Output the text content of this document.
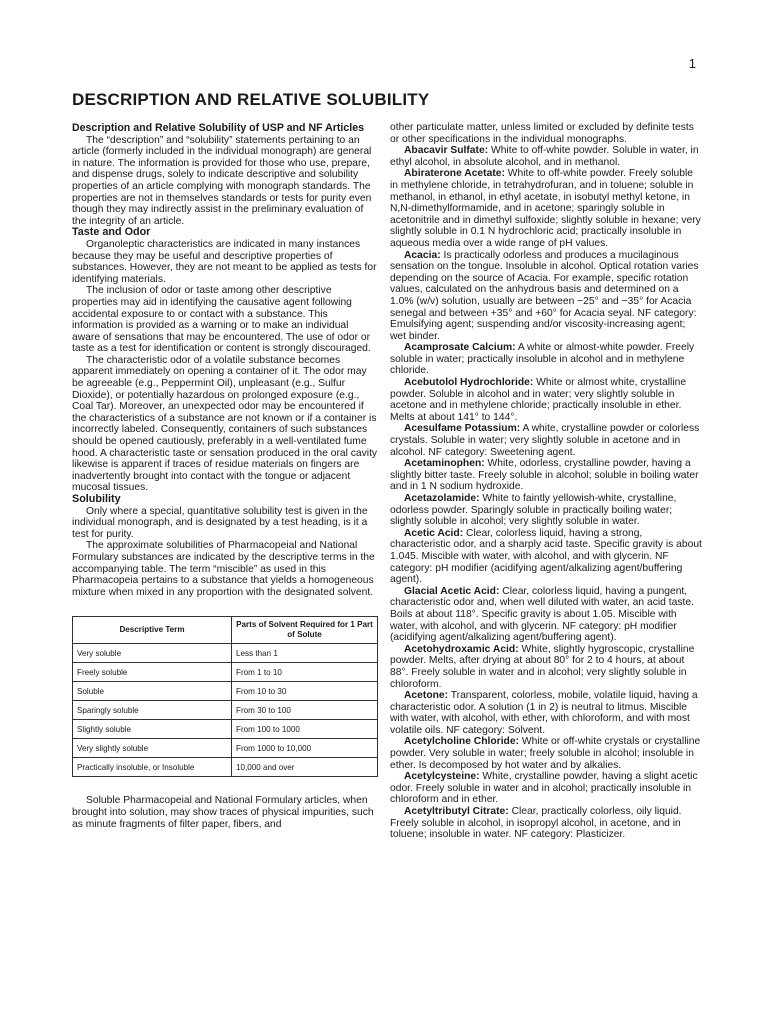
1
DESCRIPTION AND RELATIVE SOLUBILITY

Description and Relative Solubility of USP and NF Articles

The “description” and “solubility” statements pertaining to an article (formerly included in the individual monograph) are general in nature. The information is provided for those who use, prepare, and dispense drugs, solely to indicate descriptive and solubility properties of an article complying with monograph standards. The properties are not in themselves standards or tests for purity even though they may indirectly assist in the preliminary evaluation of the integrity of an article.

Taste and Odor

Organoleptic characteristics are indicated in many instances because they may be useful and descriptive properties of substances. However, they are not meant to be applied as tests for identifying materials.

The inclusion of odor or taste among other descriptive properties may aid in identifying the causative agent following accidental exposure to or contact with a substance. This information is provided as a warning or to make an individual aware of sensations that may be encountered. The use of odor or taste as a test for identification or content is strongly discouraged.

The characteristic odor of a volatile substance becomes apparent immediately on opening a container of it. The odor may be agreeable (e.g., Peppermint Oil), unpleasant (e.g., Sulfur Dioxide), or potentially hazardous on prolonged exposure (e.g., Coal Tar). Moreover, an unexpected odor may be encountered if the characteristics of a substance are not known or if a container is incorrectly labeled. Consequently, containers of such substances should be opened cautiously, preferably in a well-ventilated fume hood. A characteristic taste or sensation produced in the oral cavity likewise is apparent if traces of residue materials on fingers are inadvertently brought into contact with the tongue or adjacent mucosal tissues.

Solubility

Only where a special, quantitative solubility test is given in the individual monograph, and is designated by a test heading, is it a test for purity.

The approximate solubilities of Pharmacopeial and National Formulary substances are indicated by the descriptive terms in the accompanying table. The term “miscible” as used in this Pharmacopeia pertains to a substance that yields a homogeneous mixture when mixed in any proportion with the designated solvent.

Descriptive Term	Parts of Solvent Required for 1 Part of Solute
Very soluble	Less than 1
Freely soluble	From 1 to 10
Soluble	From 10 to 30
Sparingly soluble	From 30 to 100
Slightly soluble	From 100 to 1000
Very slightly soluble	From 1000 to 10,000
Practically insoluble, or Insoluble	10,000 and over

Soluble Pharmacopeial and National Formulary articles, when brought into solution, may show traces of physical impurities, such as minute fragments of filter paper, fibers, and

other particulate matter, unless limited or excluded by definite tests or other specifications in the individual monographs.

Abacavir Sulfate: White to off-white powder. Soluble in water, in ethyl alcohol, in absolute alcohol, and in methanol.

Abiraterone Acetate: White to off-white powder. Freely soluble in methylene chloride, in tetrahydrofuran, and in toluene; soluble in methanol, in ethanol, in ethyl acetate, in isobutyl methyl ketone, in N,N-dimethylformamide, and in acetone; sparingly soluble in acetonitrile and in dimethyl sulfoxide; slightly soluble in hexane; very slightly soluble in 0.1 N hydrochloric acid; practically insoluble in aqueous media over a wide range of pH values.

Acacia: Is practically odorless and produces a mucilaginous sensation on the tongue. Insoluble in alcohol. Optical rotation varies depending on the source of Acacia. For example, specific rotation values, calculated on the anhydrous basis and determined on a 1.0% (w/v) solution, usually are between −25° and −35° for Acacia senegal and between +35° and +60° for Acacia seyal. NF category: Emulsifying agent; suspending and/or viscosity-increasing agent; wet binder.

Acamprosate Calcium: A white or almost-white powder. Freely soluble in water; practically insoluble in alcohol and in methylene chloride.

Acebutolol Hydrochloride: White or almost white, crystalline powder. Soluble in alcohol and in water; very slightly soluble in acetone and in methylene chloride; practically insoluble in ether. Melts at about 141° to 144°.

Acesulfame Potassium: A white, crystalline powder or colorless crystals. Soluble in water; very slightly soluble in acetone and in alcohol. NF category: Sweetening agent.

Acetaminophen: White, odorless, crystalline powder, having a slightly bitter taste. Freely soluble in alcohol; soluble in boiling water and in 1 N sodium hydroxide.

Acetazolamide: White to faintly yellowish-white, crystalline, odorless powder. Sparingly soluble in practically boiling water; slightly soluble in alcohol; very slightly soluble in water.

Acetic Acid: Clear, colorless liquid, having a strong, characteristic odor, and a sharply acid taste. Specific gravity is about 1.045. Miscible with water, with alcohol, and with glycerin. NF category: pH modifier (acidifying agent/alkalizing agent/buffering agent).

Glacial Acetic Acid: Clear, colorless liquid, having a pungent, characteristic odor and, when well diluted with water, an acid taste. Boils at about 118°. Specific gravity is about 1.05. Miscible with water, with alcohol, and with glycerin. NF category: pH modifier (acidifying agent/alkalizing agent/buffering agent).

Acetohydroxamic Acid: White, slightly hygroscopic, crystalline powder. Melts, after drying at about 80° for 2 to 4 hours, at about 88°. Freely soluble in water and in alcohol; very slightly soluble in chloroform.

Acetone: Transparent, colorless, mobile, volatile liquid, having a characteristic odor. A solution (1 in 2) is neutral to litmus. Miscible with water, with alcohol, with ether, with chloroform, and with most volatile oils. NF category: Solvent.

Acetylcholine Chloride: White or off-white crystals or crystalline powder. Very soluble in water; freely soluble in alcohol; insoluble in ether. Is decomposed by hot water and by alkalies.

Acetylcysteine: White, crystalline powder, having a slight acetic odor. Freely soluble in water and in alcohol; practically insoluble in chloroform and in ether.

Acetyltributyl Citrate: Clear, practically colorless, oily liquid. Freely soluble in alcohol, in isopropyl alcohol, in acetone, and in toluene; insoluble in water. NF category: Plasticizer.
